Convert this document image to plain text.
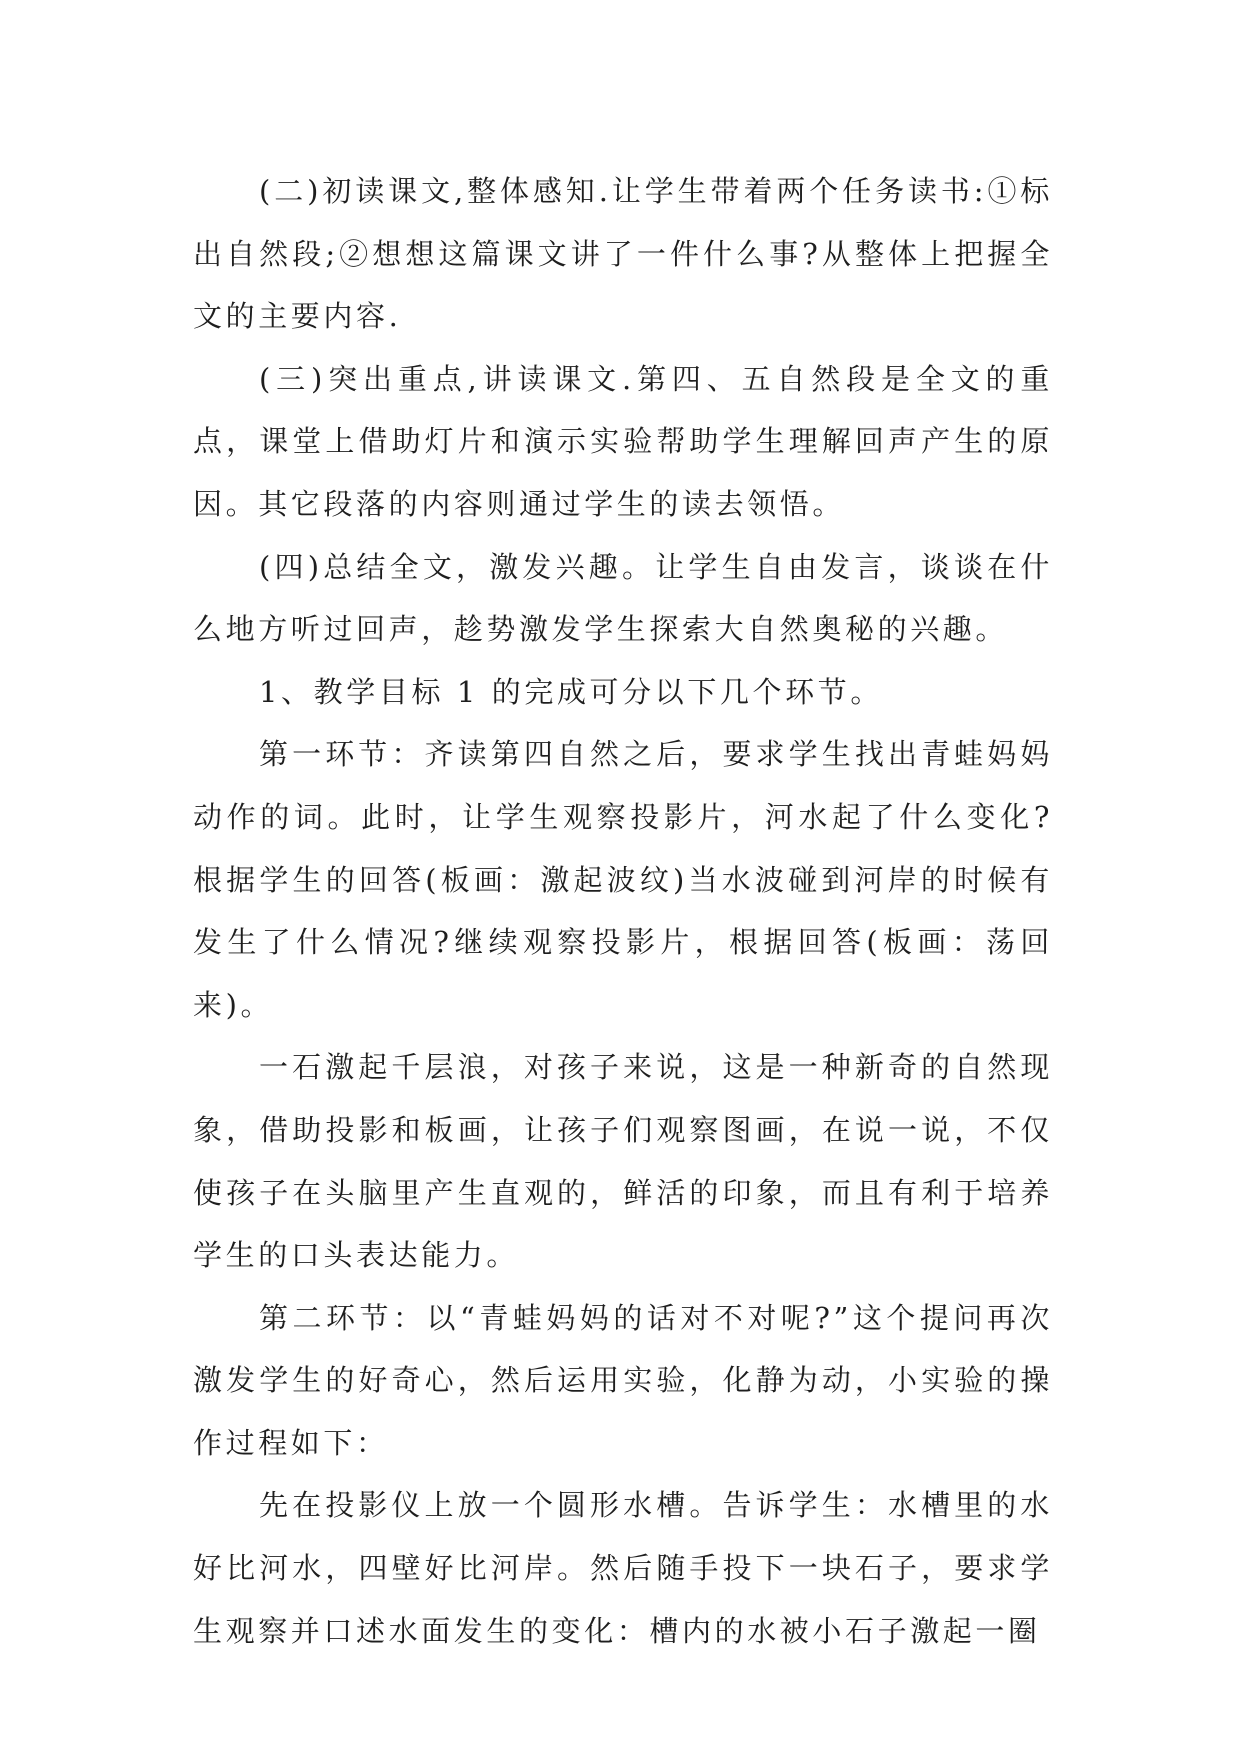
(二)初读课文,整体感知.让学生带着两个任务读书:①标出自然段;②想想这篇课文讲了一件什么事?从整体上把握全文的主要内容.

(三)突出重点,讲读课文.第四、五自然段是全文的重点，课堂上借助灯片和演示实验帮助学生理解回声产生的原因。其它段落的内容则通过学生的读去领悟。

(四)总结全文，激发兴趣。让学生自由发言，谈谈在什么地方听过回声，趁势激发学生探索大自然奥秘的兴趣。

1、教学目标 1 的完成可分以下几个环节。

第一环节：齐读第四自然之后，要求学生找出青蛙妈妈动作的词。此时，让学生观察投影片，河水起了什么变化?根据学生的回答(板画：激起波纹)当水波碰到河岸的时候有发生了什么情况?继续观察投影片，根据回答(板画：荡回来)。

一石激起千层浪，对孩子来说，这是一种新奇的自然现象，借助投影和板画，让孩子们观察图画，在说一说，不仅使孩子在头脑里产生直观的，鲜活的印象，而且有利于培养学生的口头表达能力。

第二环节：以“青蛙妈妈的话对不对呢?”这个提问再次激发学生的好奇心，然后运用实验，化静为动，小实验的操作过程如下：

先在投影仪上放一个圆形水槽。告诉学生：水槽里的水好比河水，四壁好比河岸。然后随手投下一块石子，要求学生观察并口述水面发生的变化：槽内的水被小石子激起一圈
